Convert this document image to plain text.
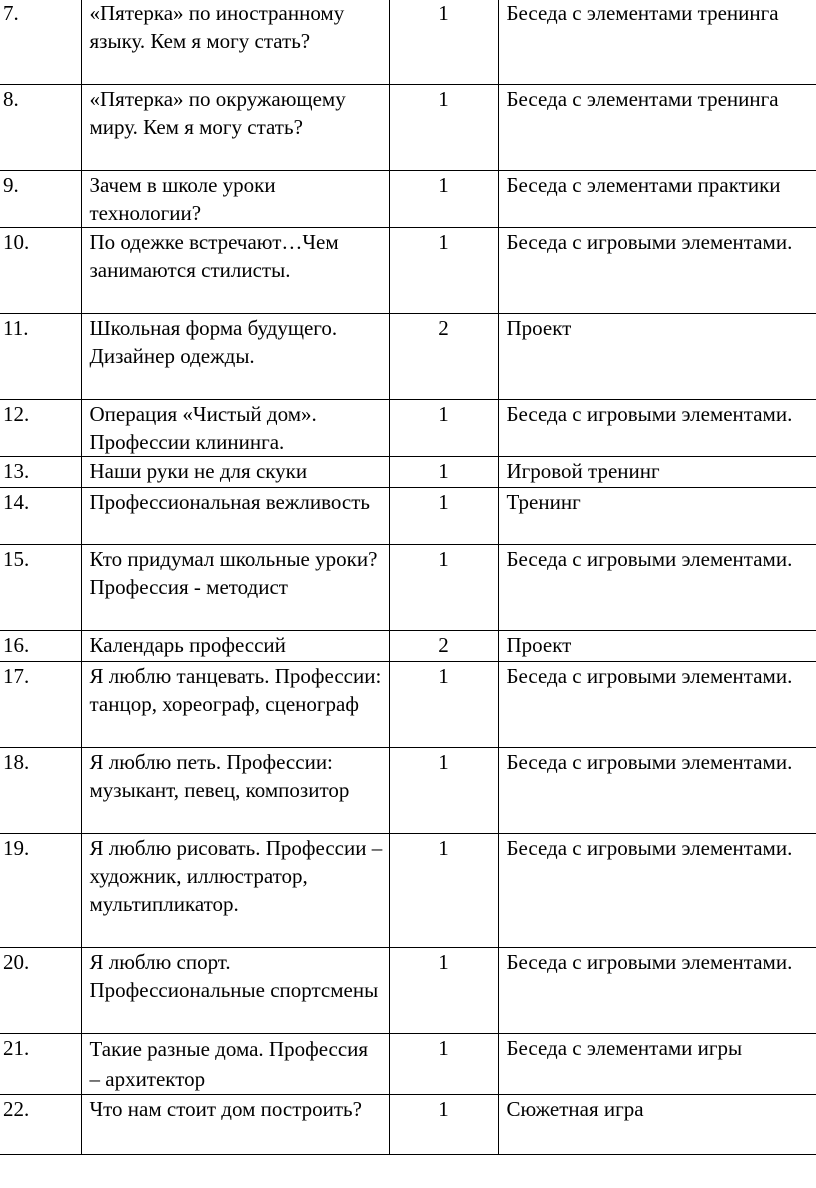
7.	«Пятерка» по иностранному языку. Кем я могу стать?	1	Беседа с элементами тренинга
8.	«Пятерка» по окружающему миру. Кем я могу стать?	1	Беседа с элементами тренинга
9.	Зачем в школе уроки технологии?	1	Беседа с элементами практики
10.	По одежке встречают…Чем занимаются стилисты.	1	Беседа с игровыми элементами.
11.	Школьная форма будущего. Дизайнер одежды.	2	Проект
12.	Операция «Чистый дом». Профессии клининга.	1	Беседа с игровыми элементами.
13.	Наши руки не для скуки	1	Игровой тренинг
14.	Профессиональная вежливость	1	Тренинг
15.	Кто придумал школьные уроки? Профессия - методист	1	Беседа с игровыми элементами.
16.	Календарь профессий	2	Проект
17.	Я люблю танцевать. Профессии: танцор, хореограф, сценограф	1	Беседа с игровыми элементами.
18.	Я люблю петь. Профессии: музыкант, певец, композитор	1	Беседа с игровыми элементами.
19.	Я люблю рисовать. Профессии – художник, иллюстратор, мультипликатор.	1	Беседа с игровыми элементами.
20.	Я люблю спорт. Профессиональные спортсмены	1	Беседа с игровыми элементами.
21.	Такие разные дома. Профессия – архитектор	1	Беседа с элементами игры
22.	Что нам стоит дом построить?	1	Сюжетная игра
